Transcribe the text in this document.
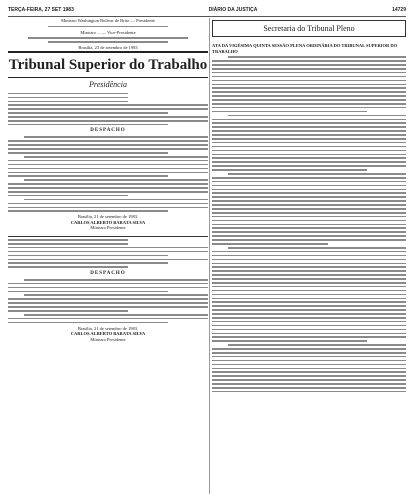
TERÇA-FEIRA, 27 SET 1983	DIÁRIO DA JUSTIÇA	14729
Ministro Washington Bolívar de Brito — Presidente
Ministro ... — Vice-Presidente
Brasília, 23 de setembro de 1983
Tribunal Superior do Trabalho
Presidência
DESPACHO
Brasília, 21 de setembro de 1983.
CARLOS ALBERTO BARATA SILVA
Ministro Presidente
DESPACHO
Brasília, 21 de setembro de 1983.
CARLOS ALBERTO BARATA SILVA
Ministro Presidente
Secretaria do Tribunal Pleno
ATA DA VIGÉSIMA QUINTA SESSÃO PLENA ORDINÁRIA DO TRIBUNAL SUPERIOR DO TRABALHO
